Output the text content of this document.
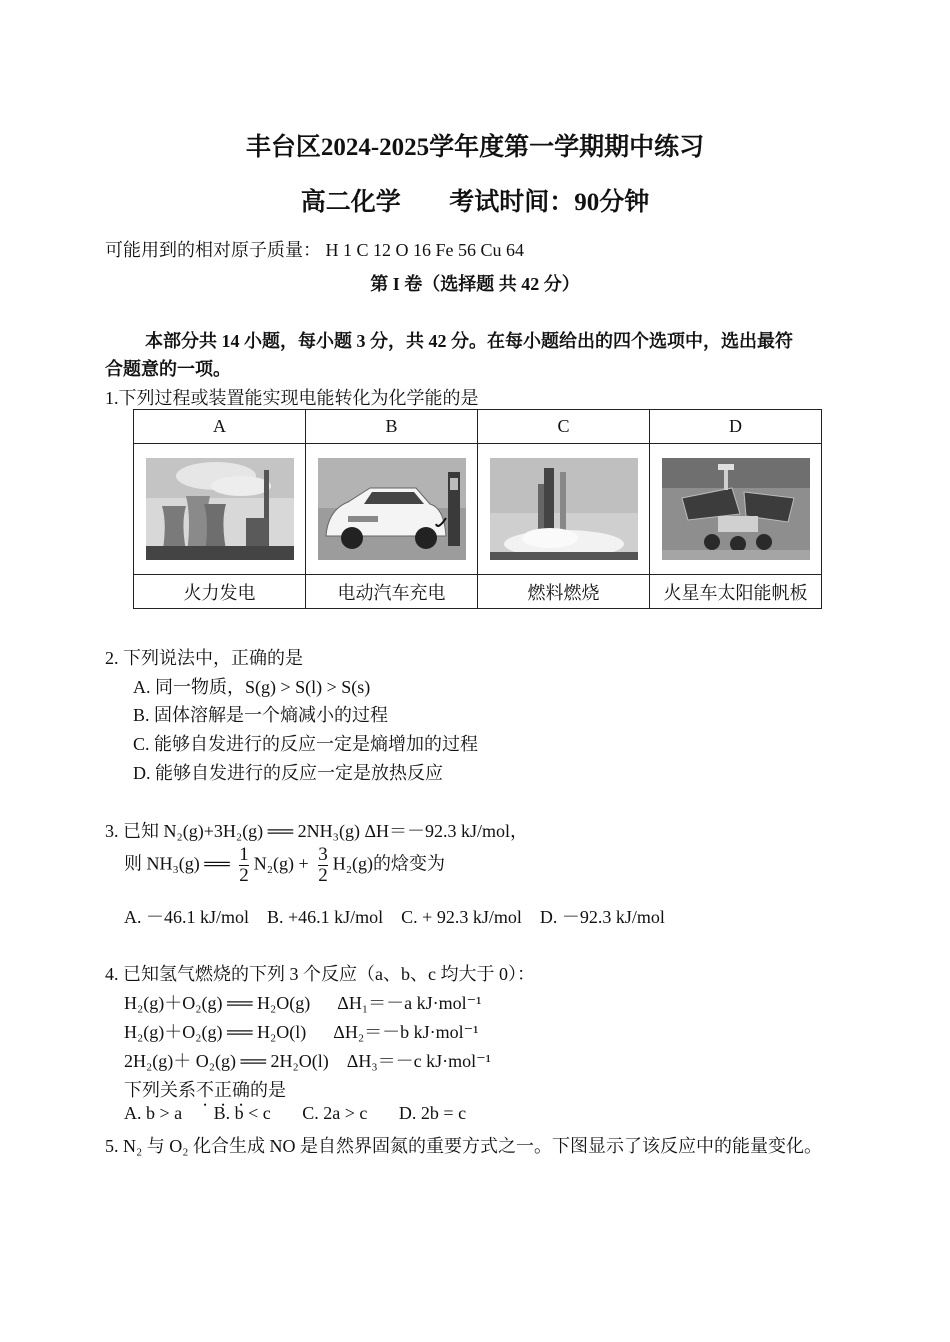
丰台区2024-2025学年度第一学期期中练习
高二化学 考试时间：90分钟
可能用到的相对原子质量： H 1 C 12 O 16 Fe 56 Cu 64
第 I 卷（选择题 共 42 分）
本部分共 14 小题，每小题 3 分，共 42 分。在每小题给出的四个选项中，选出最符
合题意的一项。
1.下列过程或装置能实现电能转化为化学能的是
A	B	C	D

火力发电	电动汽车充电	燃料燃烧	火星车太阳能帆板
2. 下列说法中，正确的是
A. 同一物质，S(g) > S(l) > S(s)
B. 固体溶解是一个熵减小的过程
C. 能够自发进行的反应一定是熵增加的过程
D. 能够自发进行的反应一定是放热反应
3. 已知 N₂(g)+3H₂(g) ══ 2NH₃(g) ΔH＝－92.3 kJ/mol，
则 NH₃(g) ══ $\frac{1}{2} N_2(g) + \frac{3}{2} H_2(g)$的焓变为
A. －46.1 kJ/mol    B. +46.1 kJ/mol    C. + 92.3 kJ/mol    D. －92.3 kJ/mol
4. 已知氢气燃烧的下列 3 个反应（a、b、c 均大于 0）：
H₂(g)＋O₂(g) ══ H₂O(g)      ΔH₁＝－a kJ·mol⁻¹
H₂(g)＋O₂(g) ══ H₂O(l)      ΔH₂＝－b kJ·mol⁻¹
2H₂(g)＋ O₂(g) ══ 2H₂O(l)    ΔH₃＝－c kJ·mol⁻¹
下列关系不正确的是
A. b > a       B. b < c       C. 2a > c       D. 2b = c
5. N₂ 与 O₂ 化合生成 NO 是自然界固氮的重要方式之一。下图显示了该反应中的能量变化。
